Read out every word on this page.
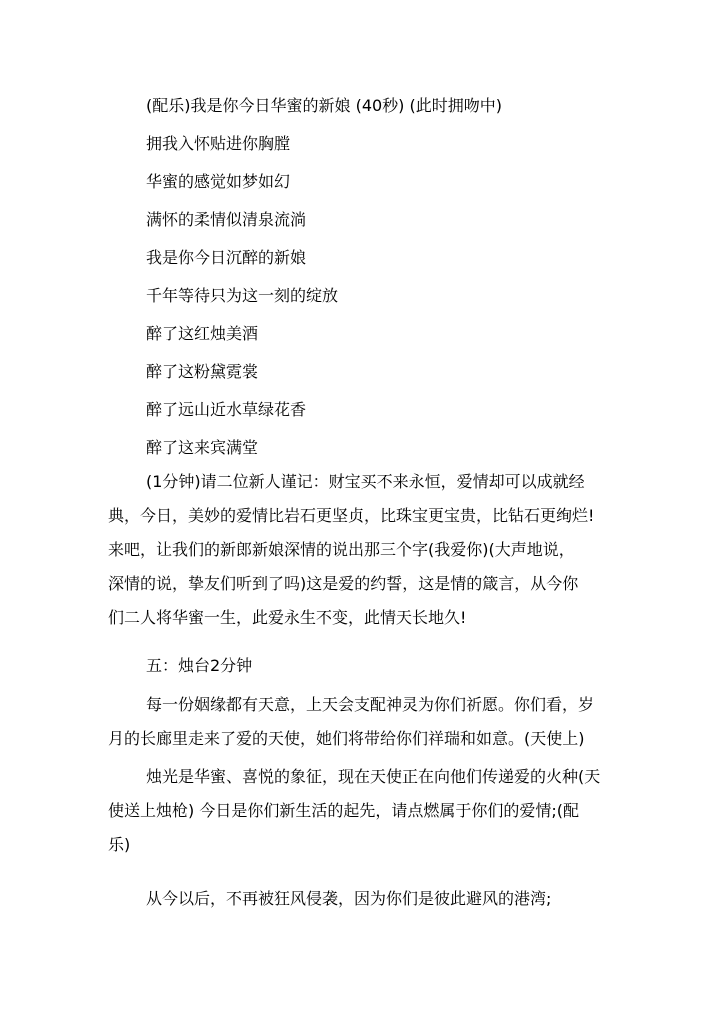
(配乐)我是你今日华蜜的新娘 (40秒) (此时拥吻中)
拥我入怀贴进你胸膛
华蜜的感觉如梦如幻
满怀的柔情似清泉流淌
我是你今日沉醉的新娘
千年等待只为这一刻的绽放
醉了这红烛美酒
醉了这粉黛霓裳
醉了远山近水草绿花香
醉了这来宾满堂
(1分钟)请二位新人谨记：财宝买不来永恒，爱情却可以成就经
典，今日，美妙的爱情比岩石更坚贞，比珠宝更宝贵，比钻石更绚烂!
来吧，让我们的新郎新娘深情的说出那三个字(我爱你)(大声地说，
深情的说，挚友们听到了吗)这是爱的约誓，这是情的箴言，从今你
们二人将华蜜一生，此爱永生不变，此情天长地久!
五：烛台2分钟
每一份姻缘都有天意，上天会支配神灵为你们祈愿。你们看，岁
月的长廊里走来了爱的天使，她们将带给你们祥瑞和如意。(天使上)
烛光是华蜜、喜悦的象征，现在天使正在向他们传递爱的火种(天
使送上烛枪) 今日是你们新生活的起先，请点燃属于你们的爱情;(配
乐)
从今以后，不再被狂风侵袭，因为你们是彼此避风的港湾;
